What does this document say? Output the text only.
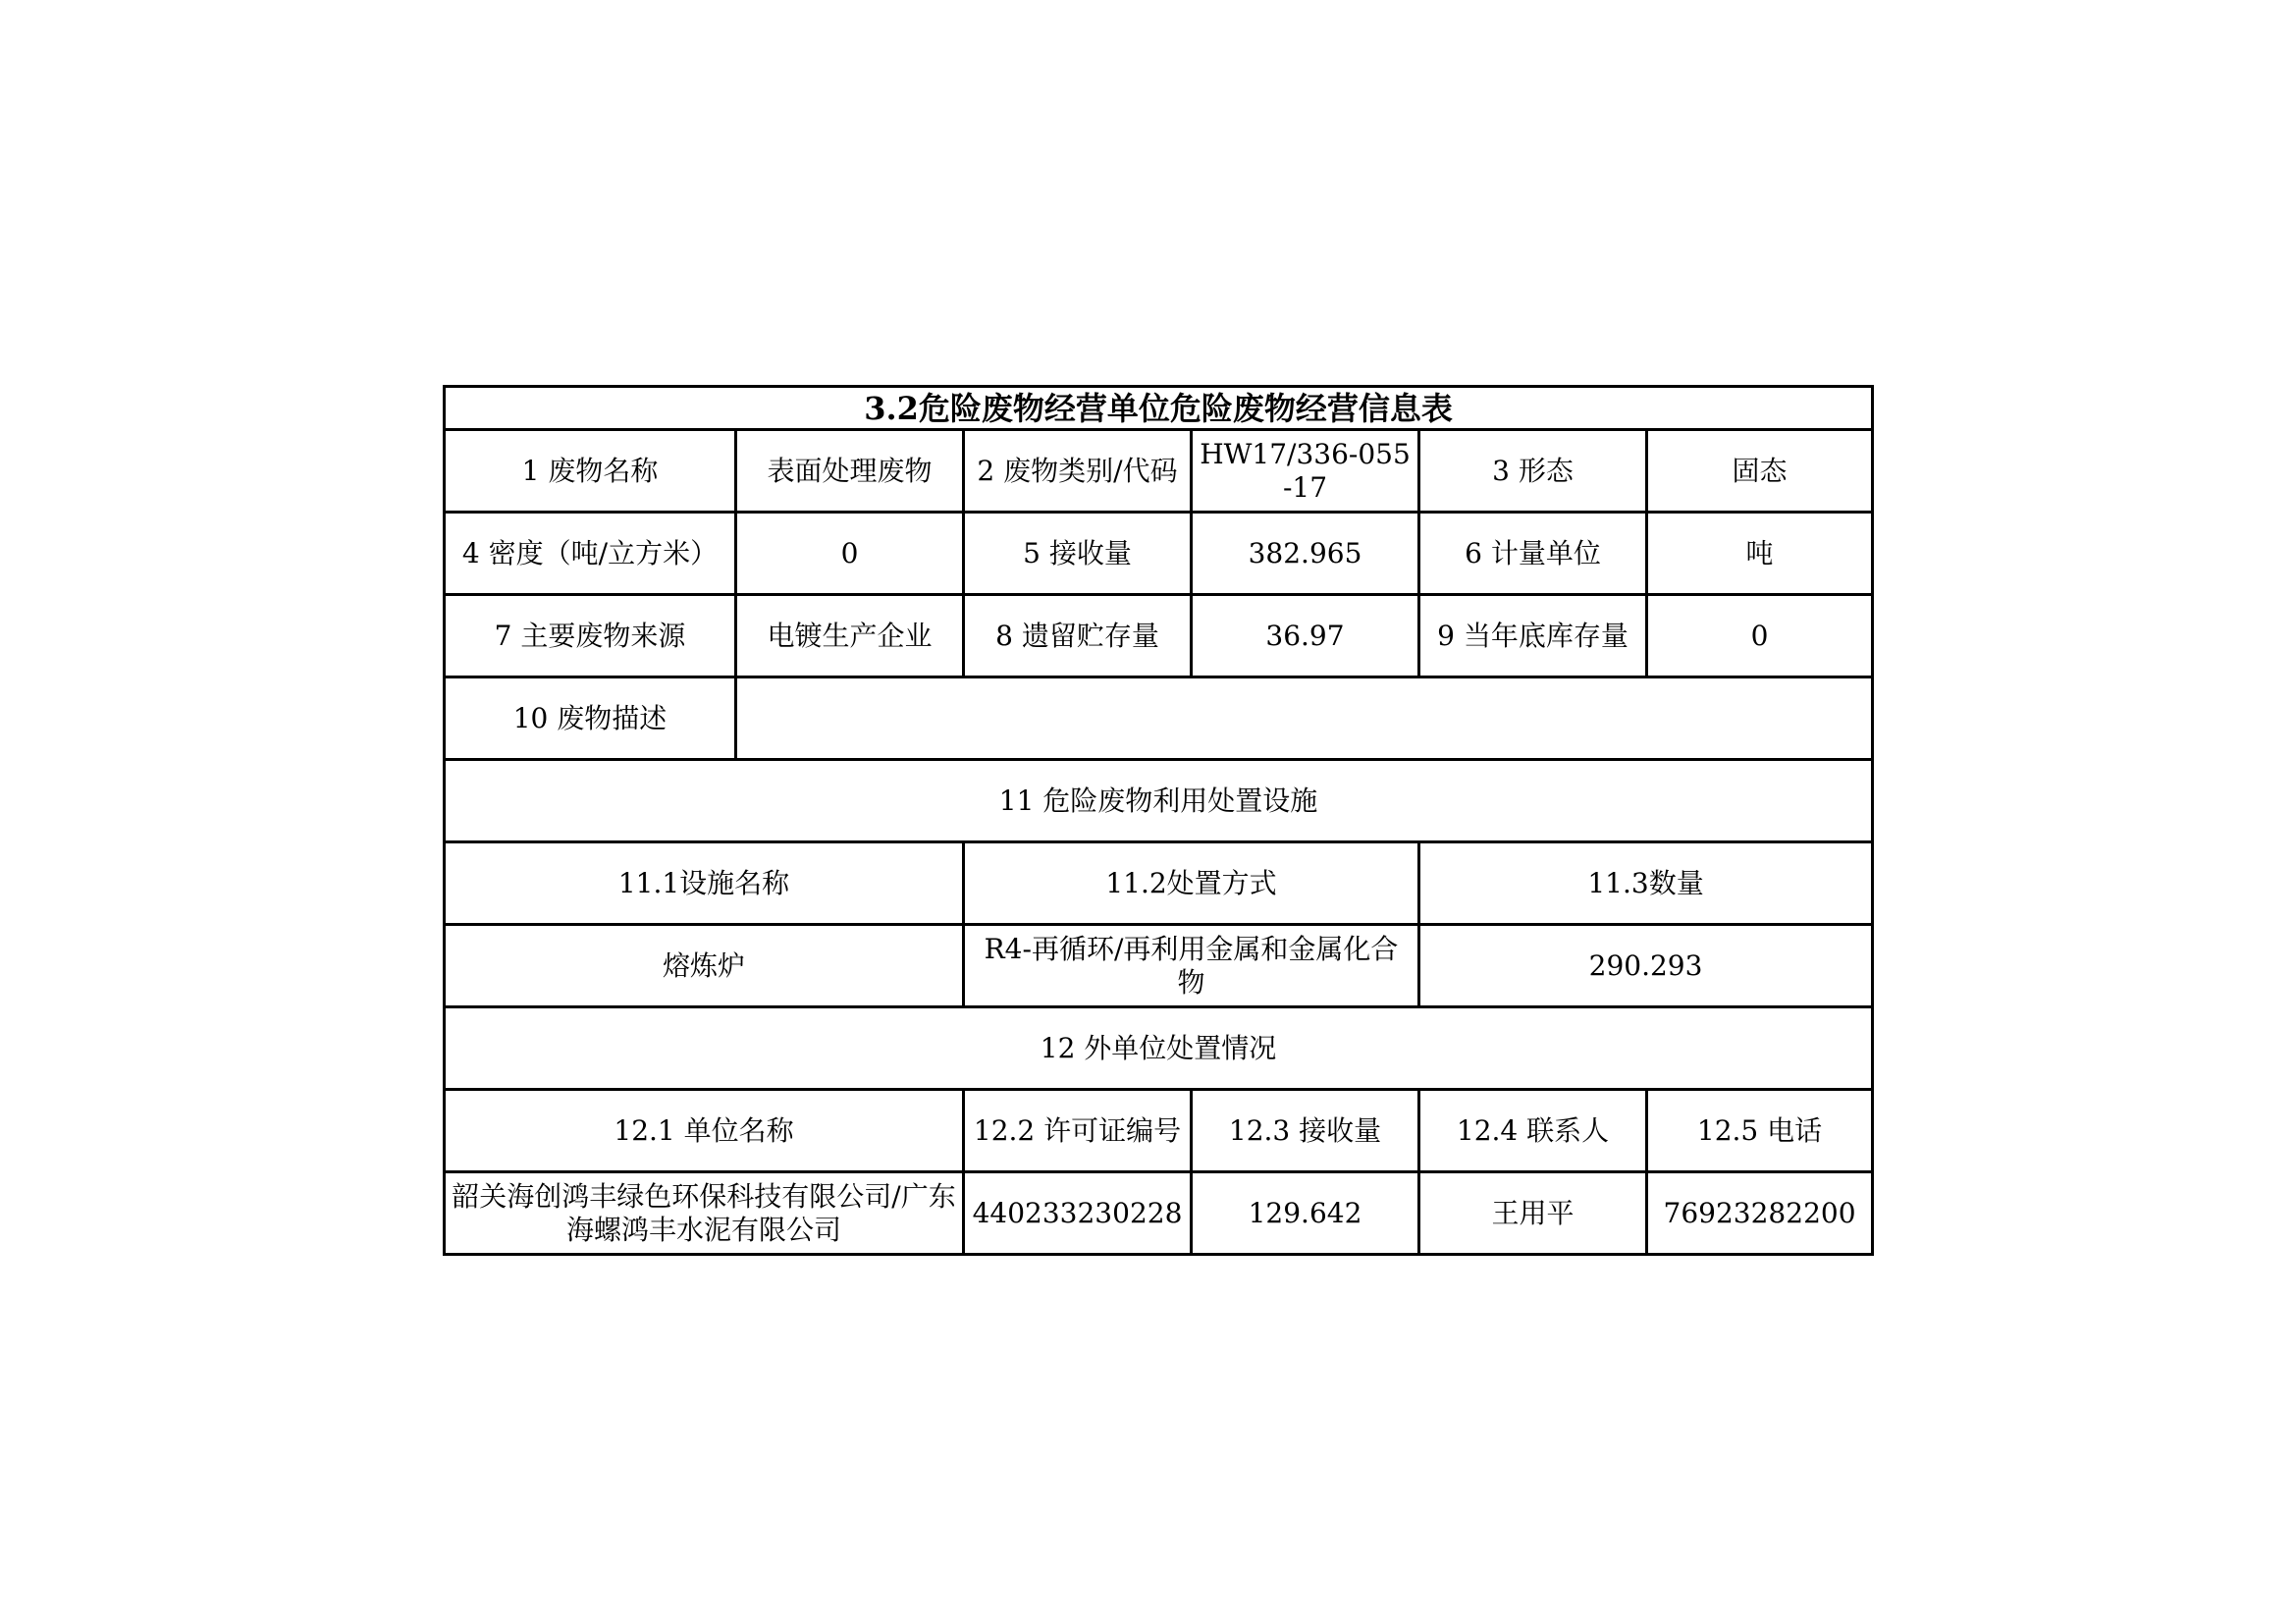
3.2危险废物经营单位危险废物经营信息表					
1 废物名称	表面处理废物	2 废物类别/代码	HW17/336-055-17	3 形态	固态
4 密度（吨/立方米）	0	5 接收量	382.965	6 计量单位	吨
7 主要废物来源	电镀生产企业	8 遗留贮存量	36.97	9 当年底库存量	0
10 废物描述					
11 危险废物利用处置设施					
11.1设施名称		11.2处置方式		11.3数量	
熔炼炉		R4-再循环/再利用金属和金属化合物		290.293	
12 外单位处置情况					
12.1 单位名称		12.2 许可证编号	12.3 接收量	12.4 联系人	12.5 电话
韶关海创鸿丰绿色环保科技有限公司/广东海螺鸿丰水泥有限公司		440233230228	129.642	王用平	76923282200
